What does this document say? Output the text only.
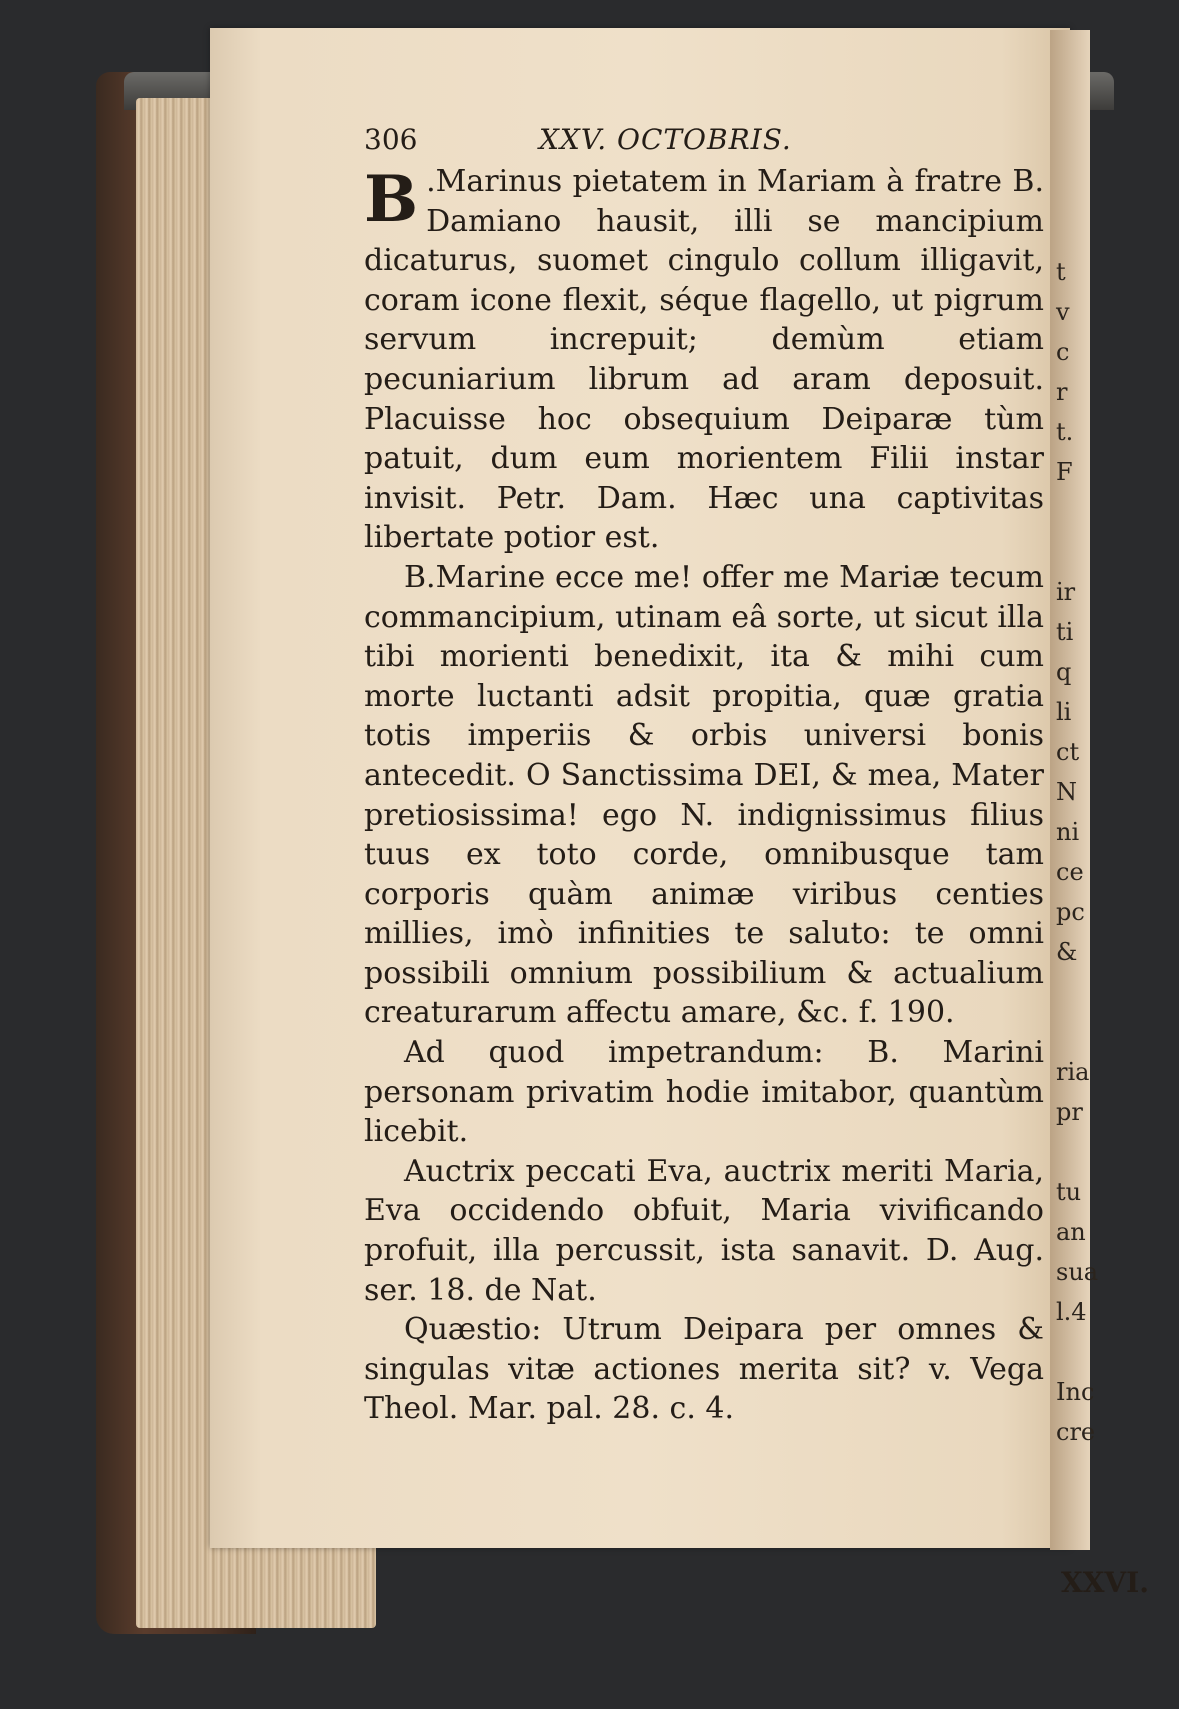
t
v
c
r
t.
F
ir
ti
q
li
ct
N
ni
ce
pc
&
ria
pr
tu
an
sua
l.4
Inc
cre
306	XXV. OCTOBRIS.

B .Marinus pietatem in Mariam à fratre B. Damiano hausit, illi se mancipium dicaturus, suomet cingulo collum illigavit, coram icone flexit, séque flagello, ut pigrum servum increpuit; demùm etiam pecuniarium librum ad aram deposuit. Placuisse hoc obsequium Deiparæ tùm patuit, dum eum morientem Filii instar invisit. Petr. Dam. Hæc una captivitas libertate potior est.

B.Marine ecce me! offer me Mariæ tecum commancipium, utinam eâ sorte, ut sicut illa tibi morienti benedixit, ita & mihi cum morte luctanti adsit propitia, quæ gratia totis imperiis & orbis universi bonis antecedit. O Sanctissima DEI, & mea, Mater pretiosissima! ego N. indignissimus filius tuus ex toto corde, omnibusque tam corporis quàm animæ viribus centies millies, imò infinities te saluto: te omni possibili omnium possibilium & actualium creaturarum affectu amare, &c. f. 190.

Ad quod impetrandum: B. Marini personam privatim hodie imitabor, quantùm licebit.

Auctrix peccati Eva, auctrix meriti Maria, Eva occidendo obfuit, Maria vivificando profuit, illa percussit, ista sanavit. D. Aug. ser. 18. de Nat.

Quæstio: Utrum Deipara per omnes & singulas vitæ actiones merita sit? v. Vega Theol. Mar. pal. 28. c. 4.

XXVI.
